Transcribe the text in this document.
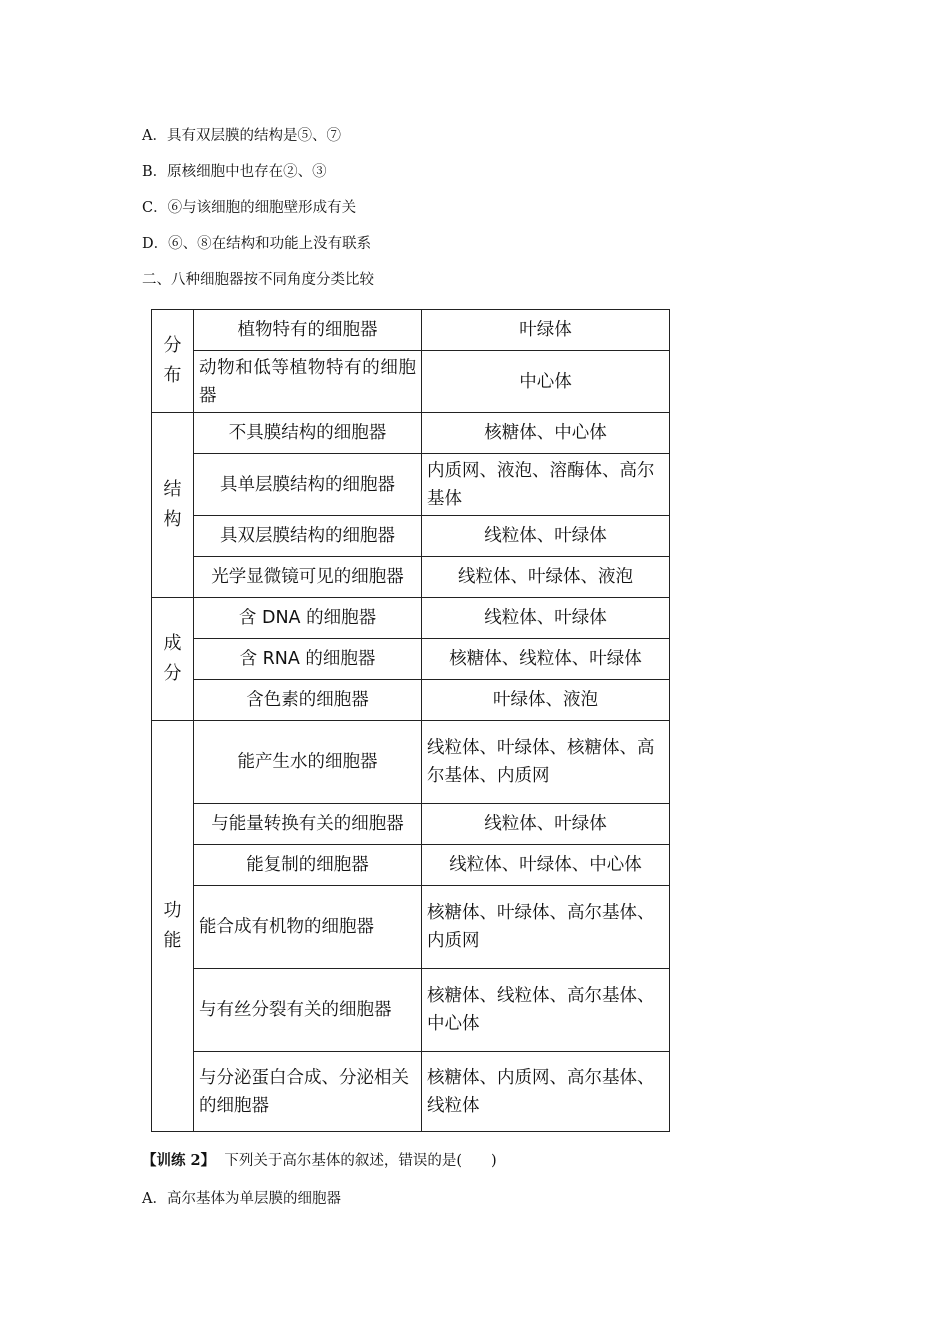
A．具有双层膜的结构是⑤、⑦
B．原核细胞中也存在②、③
C．⑥与该细胞的细胞壁形成有关
D．⑥、⑧在结构和功能上没有联系
二、八种细胞器按不同角度分类比较
分布	植物特有的细胞器	叶绿体
	动物和低等植物特有的细胞器	中心体

结构	不具膜结构的细胞器	核糖体、中心体
	具单层膜结构的细胞器	内质网、液泡、溶酶体、高尔基体
	具双层膜结构的细胞器	线粒体、叶绿体
	光学显微镜可见的细胞器	线粒体、叶绿体、液泡

成分	含 DNA 的细胞器	线粒体、叶绿体
	含 RNA 的细胞器	核糖体、线粒体、叶绿体
	含色素的细胞器	叶绿体、液泡

功能	能产生水的细胞器	线粒体、叶绿体、核糖体、高尔基体、内质网
	与能量转换有关的细胞器	线粒体、叶绿体
	能复制的细胞器	线粒体、叶绿体、中心体
	能合成有机物的细胞器	核糖体、叶绿体、高尔基体、内质网
	与有丝分裂有关的细胞器	核糖体、线粒体、高尔基体、中心体
	与分泌蛋白合成、分泌相关的细胞器	核糖体、内质网、高尔基体、线粒体
【训练 2】 下列关于高尔基体的叙述，错误的是(　　)
A．高尔基体为单层膜的细胞器
